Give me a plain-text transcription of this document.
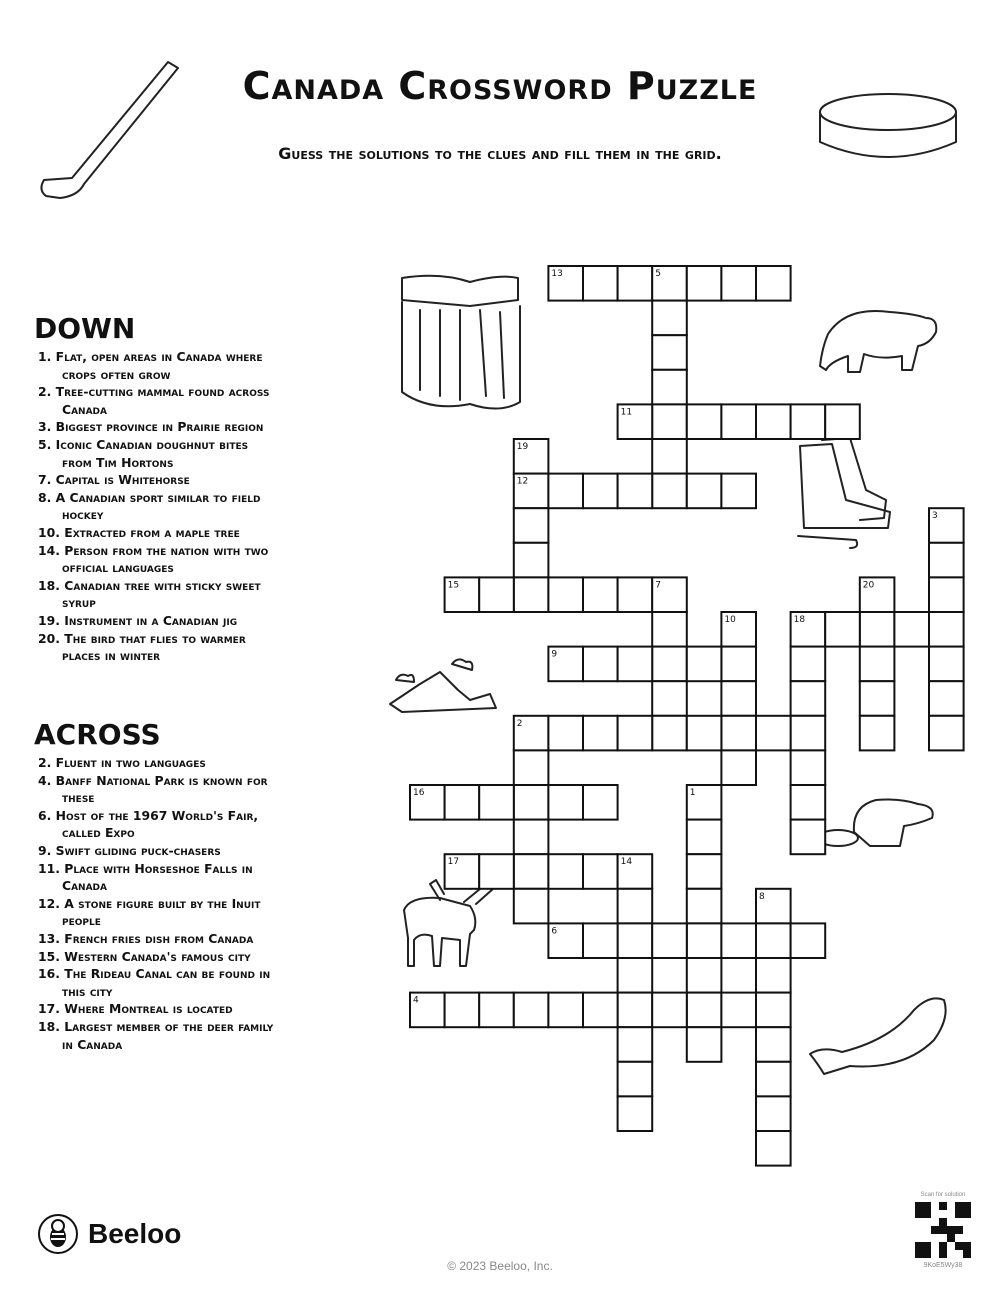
Canada Crossword Puzzle
Guess the solutions to the clues and fill them in the grid.
DOWN
1. Flat, open areas in Canada where crops often grow
2. Tree-cutting mammal found across Canada
3. Biggest province in Prairie region
5. Iconic Canadian doughnut bites from Tim Hortons
7. Capital is Whitehorse
8. A Canadian sport similar to field hockey
10. Extracted from a maple tree
14. Person from the nation with two official languages
18. Canadian tree with sticky sweet syrup
19. Instrument in a Canadian jig
20. The bird that flies to warmer places in winter
ACROSS
2. Fluent in two languages
4. Banff National Park is known for these
6. Host of the 1967 World's Fair, called Expo
9. Swift gliding puck-chasers
11. Place with Horseshoe Falls in Canada
12. A stone figure built by the Inuit people
13. French fries dish from Canada
15. Western Canada's famous city
16. The Rideau Canal can be found in this city
17. Where Montreal is located
18. Largest member of the deer family in Canada
13	5
11
19
12
3
15	7	20
10	18
9
2
16	1
17	14
8
6
4
Beeloo
© 2023 Beeloo, Inc.
Scan for solution
9KoE5Wy38
